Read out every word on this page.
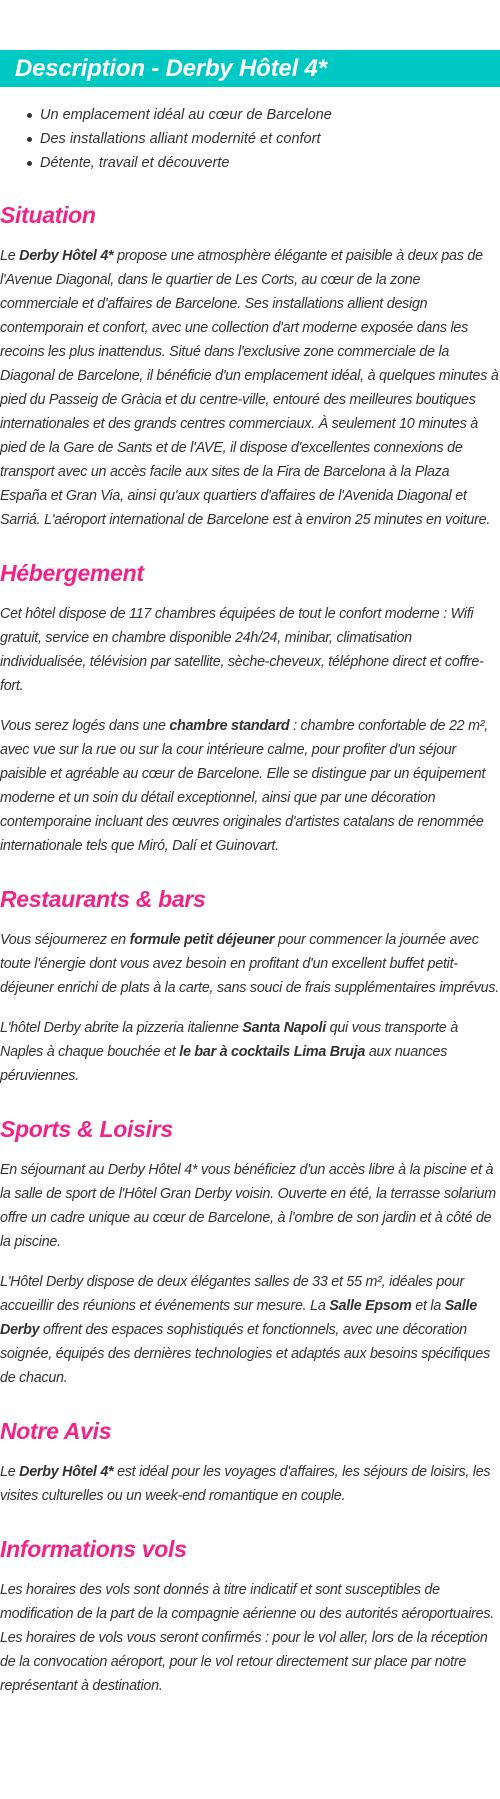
Description - Derby Hôtel 4*
Un emplacement idéal au cœur de Barcelone
Des installations alliant modernité et confort
Détente, travail et découverte
Situation

Le Derby Hôtel 4* propose une atmosphère élégante et paisible à deux pas de l'Avenue Diagonal, dans le quartier de Les Corts, au cœur de la zone commerciale et d'affaires de Barcelone. Ses installations allient design contemporain et confort, avec une collection d'art moderne exposée dans les recoins les plus inattendus. Situé dans l'exclusive zone commerciale de la Diagonal de Barcelone, il bénéficie d'un emplacement idéal, à quelques minutes à pied du Passeig de Gràcia et du centre-ville, entouré des meilleures boutiques internationales et des grands centres commerciaux. À seulement 10 minutes à pied de la Gare de Sants et de l'AVE, il dispose d'excellentes connexions de transport avec un accès facile aux sites de la Fira de Barcelona à la Plaza España et Gran Via, ainsi qu'aux quartiers d'affaires de l'Avenida Diagonal et Sarriá. L'aéroport international de Barcelone est à environ 25 minutes en voiture.

Hébergement

Cet hôtel dispose de 117 chambres équipées de tout le confort moderne : Wifi gratuit, service en chambre disponible 24h/24, minibar, climatisation individualisée, télévision par satellite, sèche-cheveux, téléphone direct et coffre-fort.

Vous serez logés dans une chambre standard : chambre confortable de 22 m², avec vue sur la rue ou sur la cour intérieure calme, pour profiter d'un séjour paisible et agréable au cœur de Barcelone. Elle se distingue par un équipement moderne et un soin du détail exceptionnel, ainsi que par une décoration contemporaine incluant des œuvres originales d'artistes catalans de renommée internationale tels que Miró, Dalí et Guinovart.

Restaurants & bars

Vous séjournerez en formule petit déjeuner pour commencer la journée avec toute l'énergie dont vous avez besoin en profitant d'un excellent buffet petit-déjeuner enrichi de plats à la carte, sans souci de frais supplémentaires imprévus.

L'hôtel Derby abrite la pizzeria italienne Santa Napoli qui vous transporte à Naples à chaque bouchée et le bar à cocktails Lima Bruja aux nuances péruviennes.

Sports & Loisirs

En séjournant au Derby Hôtel 4* vous bénéficiez d'un accès libre à la piscine et à la salle de sport de l'Hôtel Gran Derby voisin. Ouverte en été, la terrasse solarium offre un cadre unique au cœur de Barcelone, à l'ombre de son jardin et à côté de la piscine.

L'Hôtel Derby dispose de deux élégantes salles de 33 et 55 m², idéales pour accueillir des réunions et événements sur mesure. La Salle Epsom et la Salle Derby offrent des espaces sophistiqués et fonctionnels, avec une décoration soignée, équipés des dernières technologies et adaptés aux besoins spécifiques de chacun.

Notre Avis

Le Derby Hôtel 4* est idéal pour les voyages d'affaires, les séjours de loisirs, les visites culturelles ou un week-end romantique en couple.

Informations vols

Les horaires des vols sont donnés à titre indicatif et sont susceptibles de modification de la part de la compagnie aérienne ou des autorités aéroportuaires.

Les horaires de vols vous seront confirmés : pour le vol aller, lors de la réception de la convocation aéroport, pour le vol retour directement sur place par notre représentant à destination.
